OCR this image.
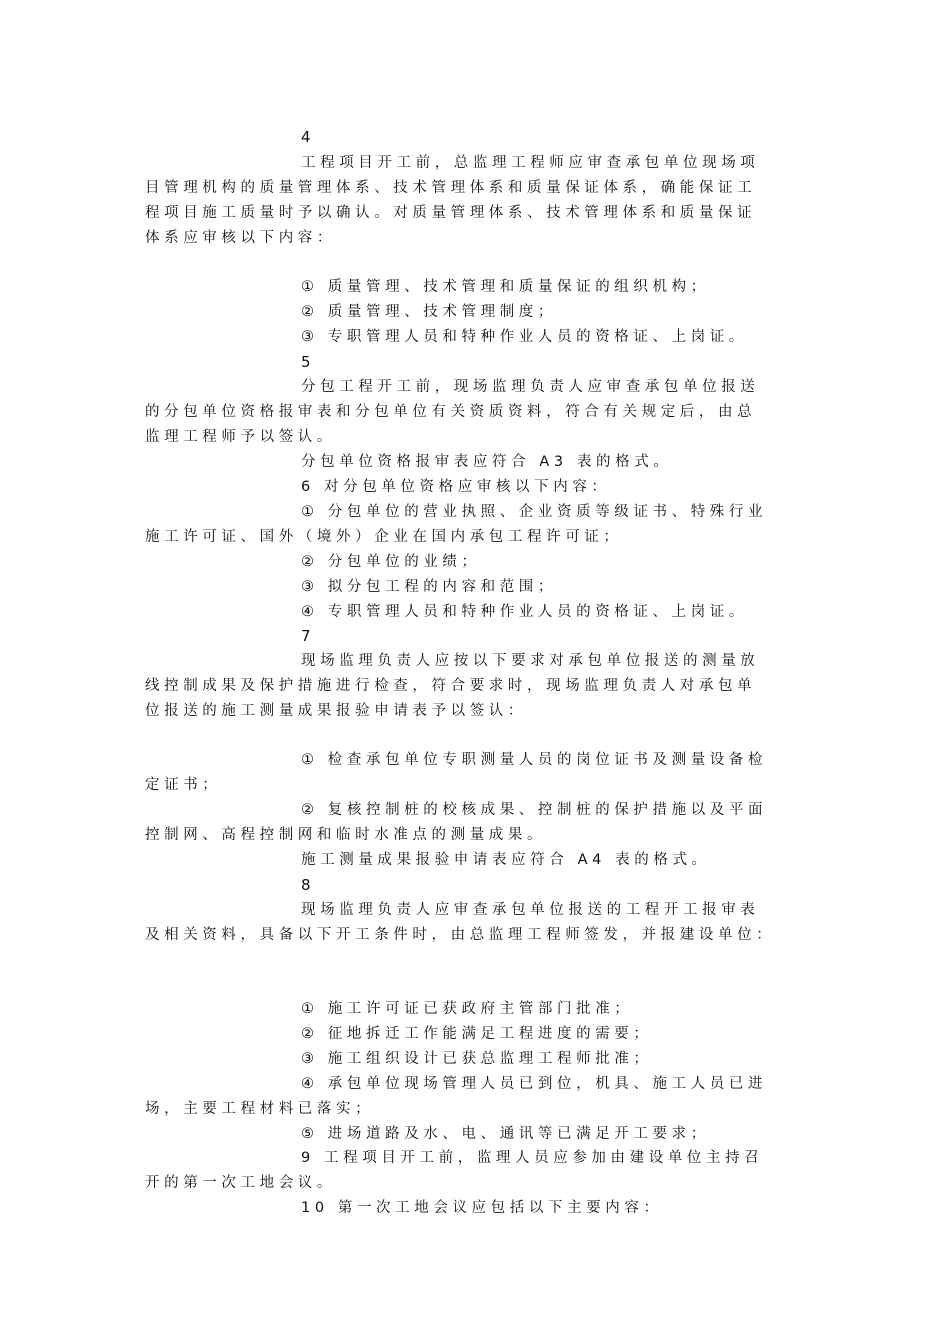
4
工程项目开工前，总监理工程师应审查承包单位现场项
目管理机构的质量管理体系、技术管理体系和质量保证体系，确能保证工
程项目施工质量时予以确认。对质量管理体系、技术管理体系和质量保证
体系应审核以下内容：
① 质量管理、技术管理和质量保证的组织机构；
② 质量管理、技术管理制度；
③ 专职管理人员和特种作业人员的资格证、上岗证。
5
分包工程开工前，现场监理负责人应审查承包单位报送
的分包单位资格报审表和分包单位有关资质资料，符合有关规定后，由总
监理工程师予以签认。
分包单位资格报审表应符合 A3 表的格式。
6 对分包单位资格应审核以下内容：
① 分包单位的营业执照、企业资质等级证书、特殊行业
施工许可证、国外（境外）企业在国内承包工程许可证；
② 分包单位的业绩；
③ 拟分包工程的内容和范围；
④ 专职管理人员和特种作业人员的资格证、上岗证。
7
现场监理负责人应按以下要求对承包单位报送的测量放
线控制成果及保护措施进行检查，符合要求时，现场监理负责人对承包单
位报送的施工测量成果报验申请表予以签认：
① 检查承包单位专职测量人员的岗位证书及测量设备检
定证书；
② 复核控制桩的校核成果、控制桩的保护措施以及平面
控制网、高程控制网和临时水准点的测量成果。
施工测量成果报验申请表应符合 A4 表的格式。
8
现场监理负责人应审查承包单位报送的工程开工报审表
及相关资料，具备以下开工条件时，由总监理工程师签发，并报建设单位：
① 施工许可证已获政府主管部门批准；
② 征地拆迁工作能满足工程进度的需要；
③ 施工组织设计已获总监理工程师批准；
④ 承包单位现场管理人员已到位，机具、施工人员已进
场，主要工程材料已落实；
⑤ 进场道路及水、电、通讯等已满足开工要求；
9 工程项目开工前，监理人员应参加由建设单位主持召
开的第一次工地会议。
10 第一次工地会议应包括以下主要内容：
